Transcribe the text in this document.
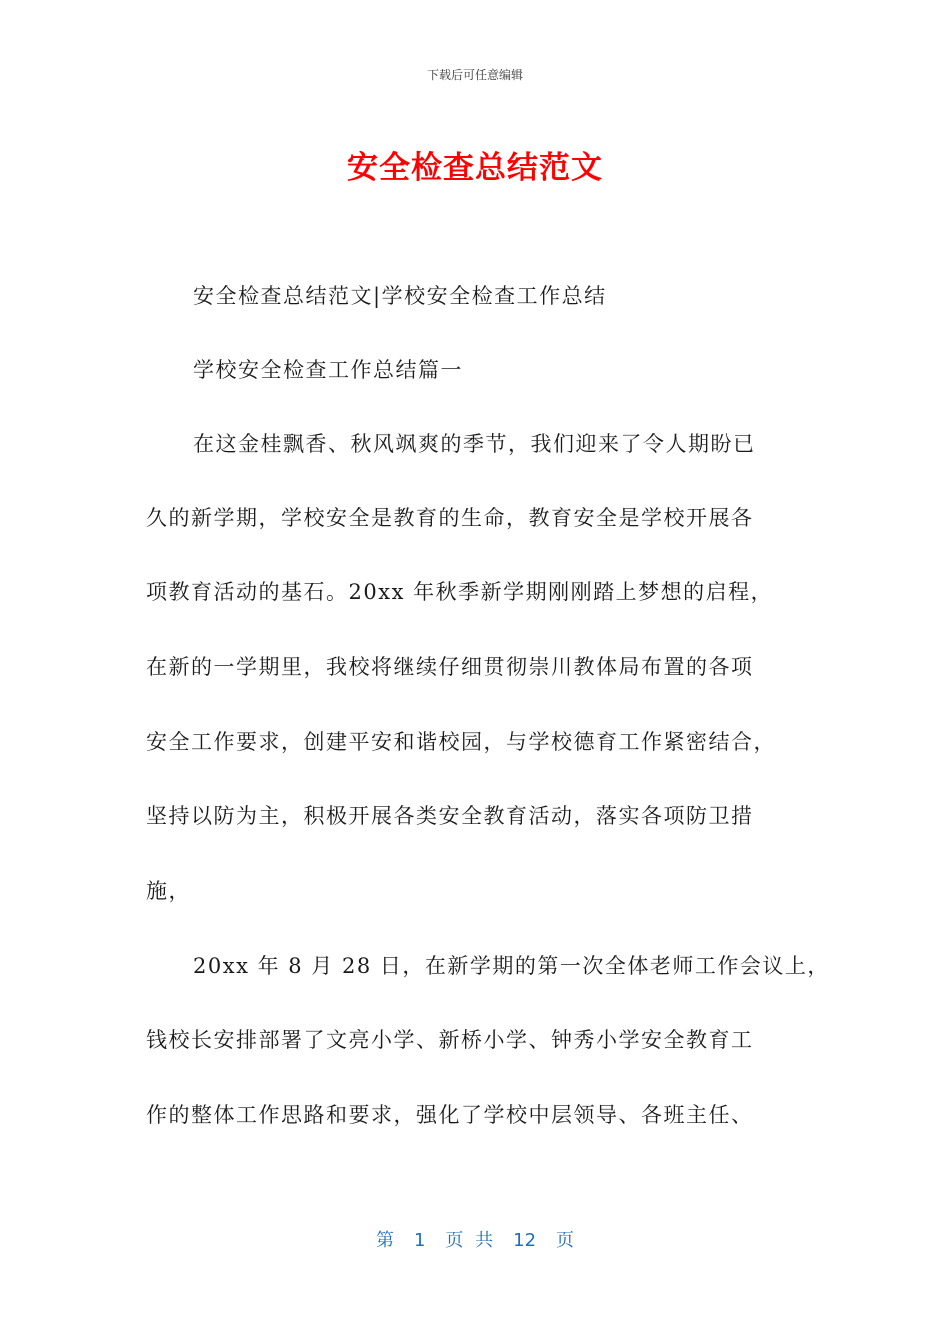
下载后可任意编辑
安全检查总结范文
安全检查总结范文|学校安全检查工作总结
学校安全检查工作总结篇一
在这金桂飘香、秋风飒爽的季节，我们迎来了令人期盼已
久的新学期，学校安全是教育的生命，教育安全是学校开展各
项教育活动的基石。20xx 年秋季新学期刚刚踏上梦想的启程，
在新的一学期里，我校将继续仔细贯彻崇川教体局布置的各项
安全工作要求，创建平安和谐校园，与学校德育工作紧密结合，
坚持以防为主，积极开展各类安全教育活动，落实各项防卫措
施，
20xx 年 8 月 28 日，在新学期的第一次全体老师工作会议上，
钱校长安排部署了文亮小学、新桥小学、钟秀小学安全教育工
作的整体工作思路和要求，强化了学校中层领导、各班主任、
第 1 页 共 12 页
